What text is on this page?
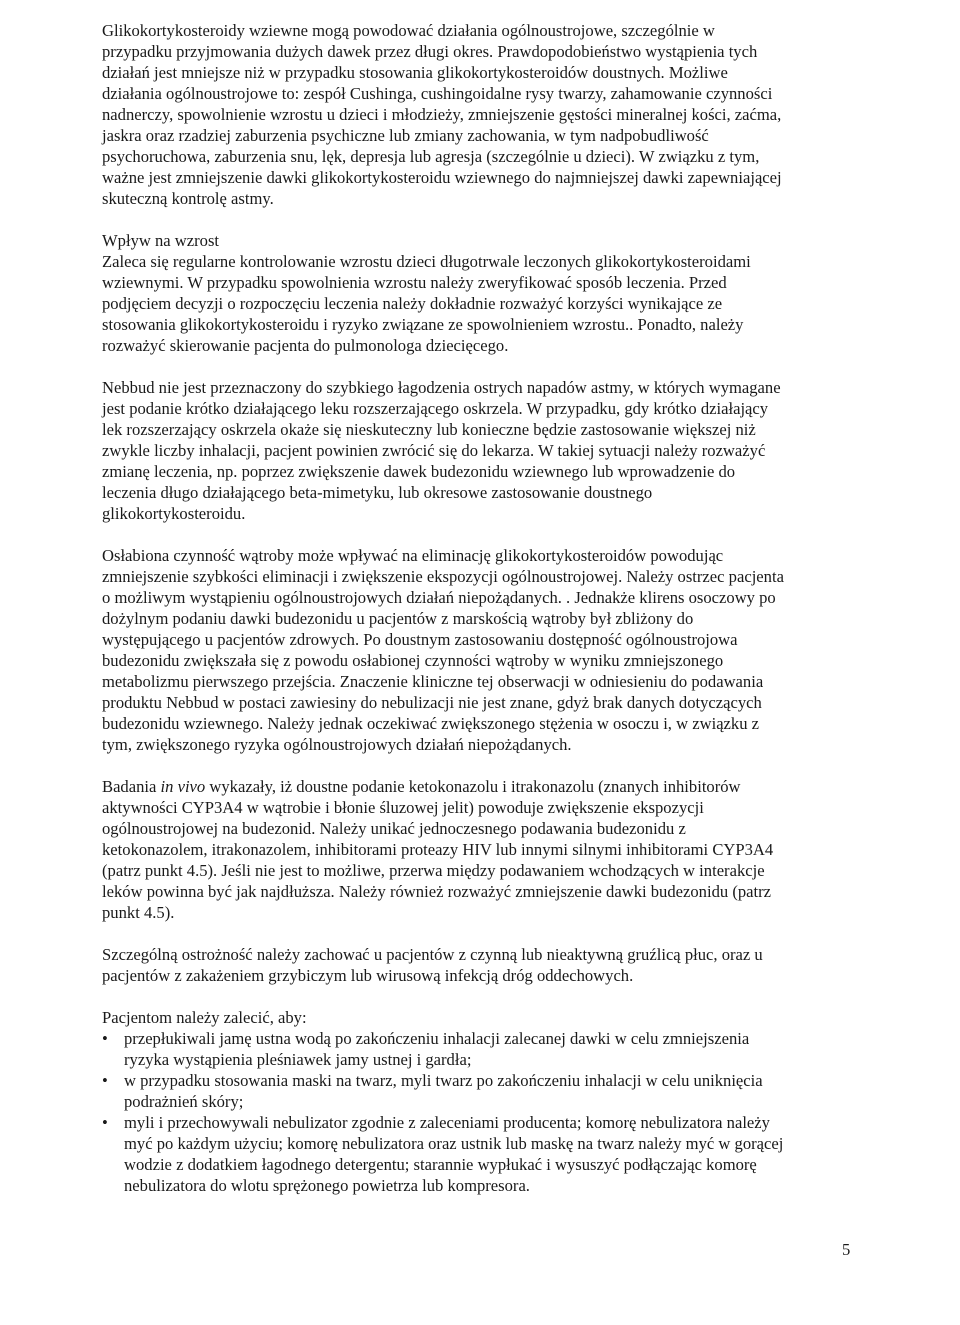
Glikokortykosteroidy wziewne mogą powodować działania ogólnoustrojowe, szczególnie w
przypadku przyjmowania dużych dawek przez długi okres. Prawdopodobieństwo wystąpienia tych
działań jest mniejsze niż w przypadku stosowania glikokortykosteroidów doustnych. Możliwe
działania ogólnoustrojowe to: zespół Cushinga, cushingoidalne rysy twarzy, zahamowanie czynności
nadnerczy, spowolnienie wzrostu u dzieci i młodzieży, zmniejszenie gęstości mineralnej kości, zaćma,
jaskra oraz rzadziej zaburzenia psychiczne lub zmiany zachowania, w tym nadpobudliwość
psychoruchowa, zaburzenia snu, lęk, depresja lub agresja (szczególnie u dzieci). W związku z tym,
ważne jest zmniejszenie dawki glikokortykosteroidu wziewnego do najmniejszej dawki zapewniającej
skuteczną kontrolę astmy.
Wpływ na wzrost
Zaleca się regularne kontrolowanie wzrostu dzieci długotrwale leczonych glikokortykosteroidami
wziewnymi. W przypadku spowolnienia wzrostu należy zweryfikować sposób leczenia. Przed
podjęciem decyzji o rozpoczęciu leczenia należy dokładnie rozważyć korzyści wynikające ze
stosowania glikokortykosteroidu i ryzyko związane ze spowolnieniem wzrostu.. Ponadto, należy
rozważyć skierowanie pacjenta do pulmonologa dziecięcego.
Nebbud nie jest przeznaczony do szybkiego łagodzenia ostrych napadów astmy, w których wymagane
jest podanie krótko działającego leku rozszerzającego oskrzela. W przypadku, gdy krótko działający
lek rozszerzający oskrzela okaże się nieskuteczny lub konieczne będzie zastosowanie większej niż
zwykle liczby inhalacji, pacjent powinien zwrócić się do lekarza. W takiej sytuacji należy rozważyć
zmianę leczenia, np. poprzez zwiększenie dawek budezonidu wziewnego lub wprowadzenie do
leczenia długo działającego beta-mimetyku, lub okresowe zastosowanie doustnego
glikokortykosteroidu.
Osłabiona czynność wątroby może wpływać na eliminację glikokortykosteroidów powodując
zmniejszenie szybkości eliminacji i zwiększenie ekspozycji ogólnoustrojowej. Należy ostrzec pacjenta
o możliwym wystąpieniu ogólnoustrojowych działań niepożądanych. . Jednakże klirens osoczowy po
dożylnym podaniu dawki budezonidu u pacjentów z marskością wątroby był zbliżony do
występującego u pacjentów zdrowych. Po doustnym zastosowaniu dostępność ogólnoustrojowa
budezonidu zwiększała się z powodu osłabionej czynności wątroby w wyniku zmniejszonego
metabolizmu pierwszego przejścia. Znaczenie kliniczne tej obserwacji w odniesieniu do podawania
produktu Nebbud w postaci zawiesiny do nebulizacji nie jest znane, gdyż brak danych dotyczących
budezonidu wziewnego. Należy jednak oczekiwać zwiększonego stężenia w osoczu i, w związku z
tym, zwiększonego ryzyka ogólnoustrojowych działań niepożądanych.
Badania in vivo wykazały, iż doustne podanie ketokonazolu i itrakonazolu (znanych inhibitorów
aktywności CYP3A4 w wątrobie i błonie śluzowej jelit) powoduje zwiększenie ekspozycji
ogólnoustrojowej na budezonid. Należy unikać jednoczesnego podawania budezonidu z
ketokonazolem, itrakonazolem, inhibitorami proteazy HIV lub innymi silnymi inhibitorami CYP3A4
(patrz punkt 4.5). Jeśli nie jest to możliwe, przerwa między podawaniem wchodzących w interakcje
leków powinna być jak najdłuższa. Należy również rozważyć zmniejszenie dawki budezonidu (patrz
punkt 4.5).
Szczególną ostrożność należy zachować u pacjentów z czynną lub nieaktywną gruźlicą płuc, oraz u
pacjentów z zakażeniem grzybiczym lub wirusową infekcją dróg oddechowych.
Pacjentom należy zalecić, aby:
• przepłukiwali jamę ustna wodą po zakończeniu inhalacji zalecanej dawki w celu zmniejszenia
ryzyka wystąpienia pleśniawek jamy ustnej i gardła;
• w przypadku stosowania maski na twarz, myli twarz po zakończeniu inhalacji w celu uniknięcia
podrażnień skóry;
• myli i przechowywali nebulizator zgodnie z zaleceniami producenta; komorę nebulizatora należy
myć po każdym użyciu; komorę nebulizatora oraz ustnik lub maskę na twarz należy myć w gorącej
wodzie z dodatkiem łagodnego detergentu; starannie wypłukać i wysuszyć podłączając komorę
nebulizatora do wlotu sprężonego powietrza lub kompresora.
5
